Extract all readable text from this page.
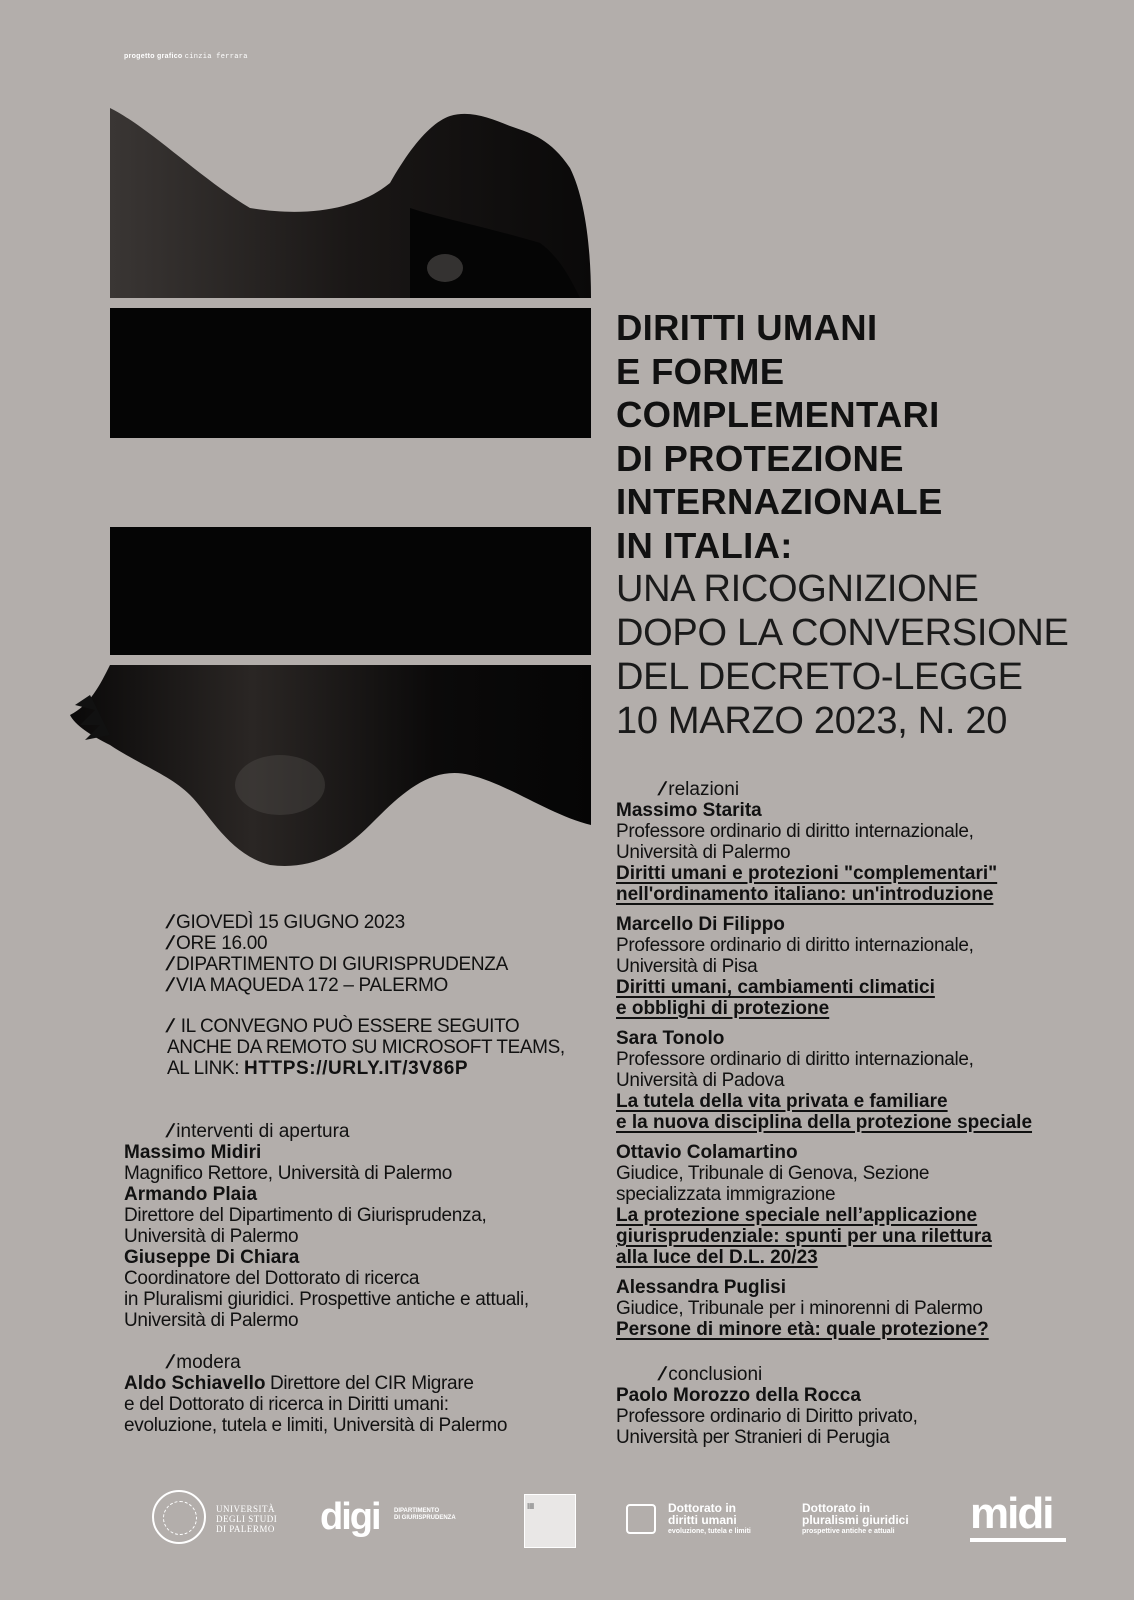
progetto grafico cinzia ferrara
DIRITTI UMANI
E FORME
COMPLEMENTARI
DI PROTEZIONE
INTERNAZIONALE
IN ITALIA:
UNA RICOGNIZIONE
DOPO LA CONVERSIONE
DEL DECRETO-LEGGE
10 MARZO 2023, N. 20
/ GIOVEDÌ 15 GIUGNO 2023
/ ORE 16.00
/ DIPARTIMENTO DI GIURISPRUDENZA
/ VIA MAQUEDA 172 – PALERMO
/ IL CONVEGNO PUÒ ESSERE SEGUITO
ANCHE DA REMOTO SU MICROSOFT TEAMS,
AL LINK: HTTPS://URLY.IT/3V86P
/ interventi di apertura
Massimo Midiri
Magnifico Rettore, Università di Palermo
Armando Plaia
Direttore del Dipartimento di Giurisprudenza,
Università di Palermo
Giuseppe Di Chiara
Coordinatore del Dottorato di ricerca
in Pluralismi giuridici. Prospettive antiche e attuali,
Università di Palermo
/ modera
Aldo Schiavello Direttore del CIR Migrare
e del Dottorato di ricerca in Diritti umani:
evoluzione, tutela e limiti, Università di Palermo
/ relazioni
Massimo Starita
Professore ordinario di diritto internazionale,
Università di Palermo
Diritti umani e protezioni "complementari"
nell'ordinamento italiano: un'introduzione
Marcello Di Filippo
Professore ordinario di diritto internazionale,
Università di Pisa
Diritti umani, cambiamenti climatici
e obblighi di protezione
Sara Tonolo
Professore ordinario di diritto internazionale,
Università di Padova
La tutela della vita privata e familiare
e la nuova disciplina della protezione speciale
Ottavio Colamartino
Giudice, Tribunale di Genova, Sezione
specializzata immigrazione
La protezione speciale nell’applicazione
giurisprudenziale: spunti per una rilettura
alla luce del D.L. 20/23
Alessandra Puglisi
Giudice, Tribunale per i minorenni di Palermo
Persone di minore età: quale protezione?
/ conclusioni
Paolo Morozzo della Rocca
Professore ordinario di Diritto privato,
Università per Stranieri di Perugia
UNIVERSITÀ
DEGLI STUDI
DI PALERMO digi	DIPARTIMENTO
DI GIURISPRUDENZA
▦	Dottorato in
diritti umani
evoluzione, tutela e limiti
Dottorato in
pluralismi giuridici
prospettive antiche e attuali	midi
